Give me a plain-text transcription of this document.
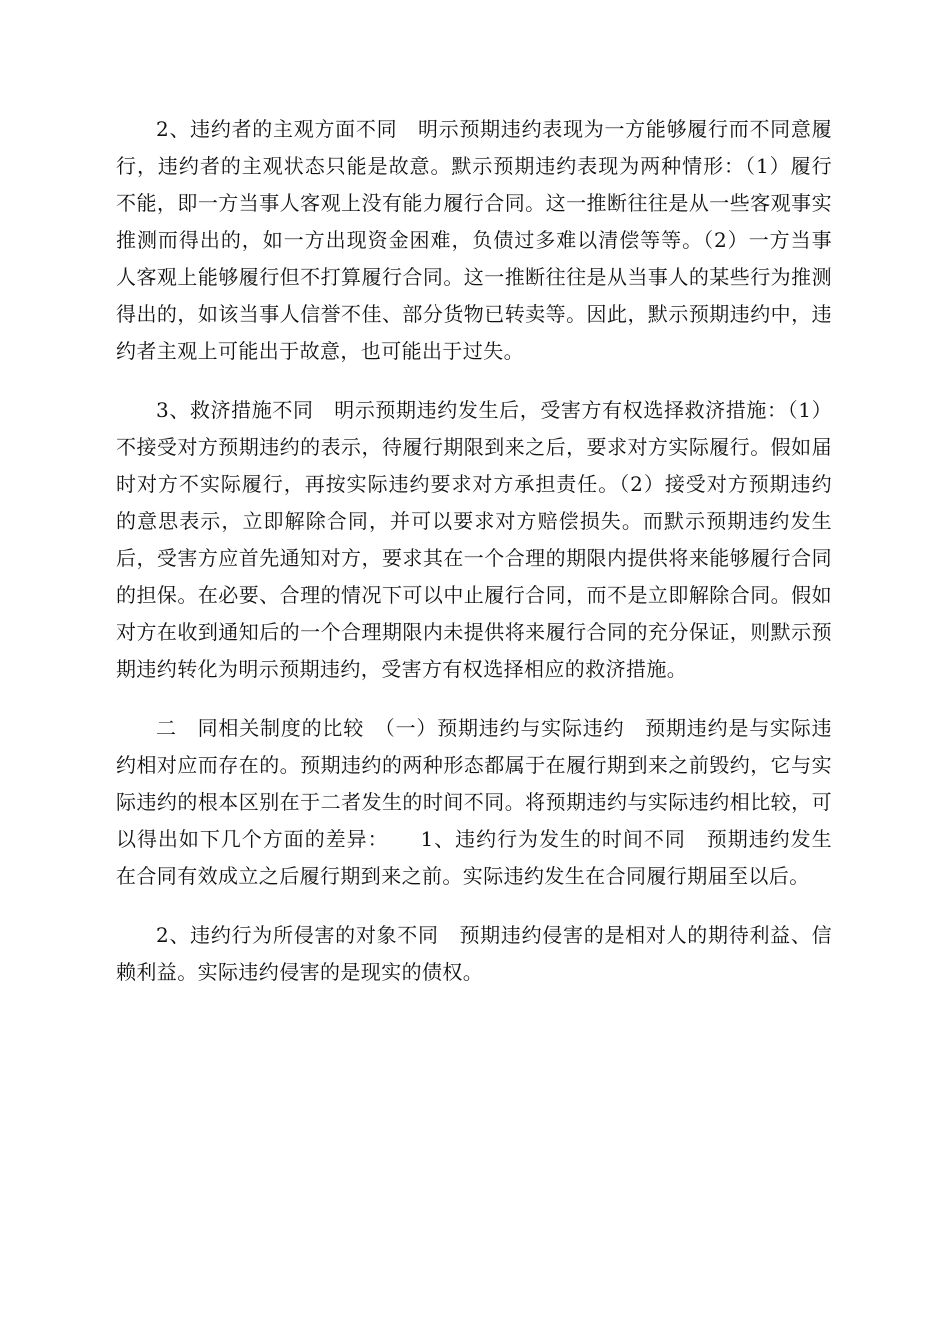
2、违约者的主观方面不同　明示预期违约表现为一方能够履行而不同意履行，违约者的主观状态只能是故意。默示预期违约表现为两种情形：（1）履行不能，即一方当事人客观上没有能力履行合同。这一推断往往是从一些客观事实推测而得出的，如一方出现资金困难，负债过多难以清偿等等。（2）一方当事人客观上能够履行但不打算履行合同。这一推断往往是从当事人的某些行为推测得出的，如该当事人信誉不佳、部分货物已转卖等。因此，默示预期违约中，违约者主观上可能出于故意，也可能出于过失。

3、救济措施不同　明示预期违约发生后，受害方有权选择救济措施：（1）不接受对方预期违约的表示，待履行期限到来之后，要求对方实际履行。假如届时对方不实际履行，再按实际违约要求对方承担责任。（2）接受对方预期违约的意思表示，立即解除合同，并可以要求对方赔偿损失。而默示预期违约发生后，受害方应首先通知对方，要求其在一个合理的期限内提供将来能够履行合同的担保。在必要、合理的情况下可以中止履行合同，而不是立即解除合同。假如对方在收到通知后的一个合理期限内未提供将来履行合同的充分保证，则默示预期违约转化为明示预期违约，受害方有权选择相应的救济措施。

二　同相关制度的比较　（一）预期违约与实际违约　预期违约是与实际违约相对应而存在的。预期违约的两种形态都属于在履行期到来之前毁约，它与实际违约的根本区别在于二者发生的时间不同。将预期违约与实际违约相比较，可以得出如下几个方面的差异：　　1、违约行为发生的时间不同　预期违约发生在合同有效成立之后履行期到来之前。实际违约发生在合同履行期届至以后。

2、违约行为所侵害的对象不同　预期违约侵害的是相对人的期待利益、信赖利益。实际违约侵害的是现实的债权。
